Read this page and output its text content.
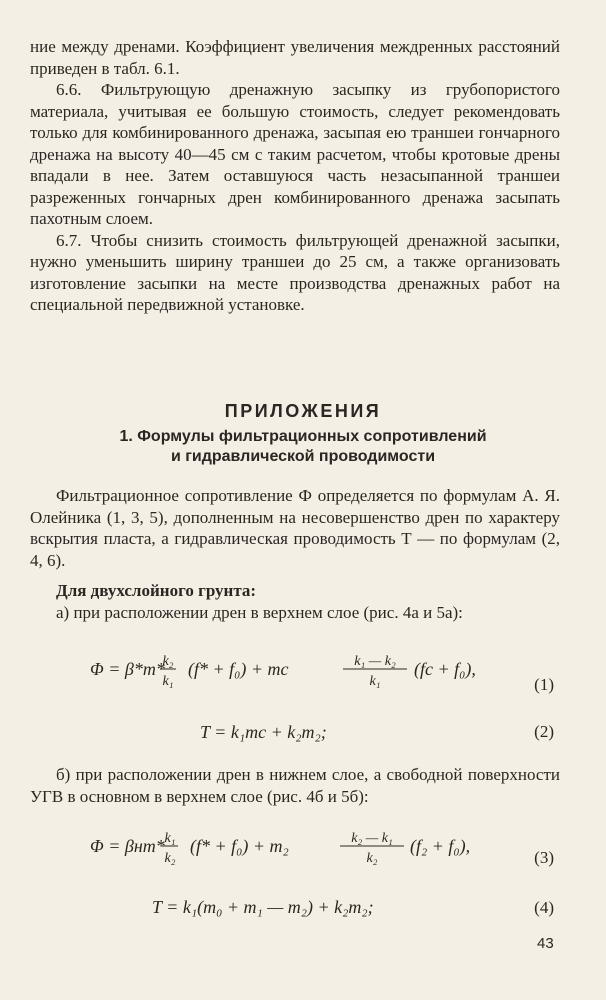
ние между дренами. Коэффициент увеличения междренных расстояний приведен в табл. 6.1.

6.6. Фильтрующую дренажную засыпку из грубопористого материала, учитывая ее большую стоимость, следует рекомендовать только для комбинированного дренажа, засыпая ею траншеи гончарного дренажа на высоту 40—45 см с таким расчетом, чтобы кротовые дрены впадали в нее. Затем оставшуюся часть незасыпанной траншеи разреженных гончарных дрен комбинированного дренажа засыпать пахотным слоем.

6.7. Чтобы снизить стоимость фильтрующей дренажной засыпки, нужно уменьшить ширину траншеи до 25 см, а также организовать изготовление засыпки на месте производства дренажных работ на специальной передвижной установке.

ПРИЛОЖЕНИЯ
1. Формулы фильтрационных сопротивлений
и гидравлической проводимости

Фильтрационное сопротивление Ф определяется по формулам А. Я. Олейника (1, 3, 5), дополненным на несовершенство дрен по характеру вскрытия пласта, а гидравлическая проводимость Т — по формулам (2, 4, 6).

Для двухслойного грунта:

а) при расположении дрен в верхнем слое (рис. 4а и 5а):

Φ = β*m*
k₂
k₁
(f* + f₀) + mс	k₁ — k₂
k₁
(fс + f₀),
(1)
T = k₁mс + k₂m₂;	(2)

б) при расположении дрен в нижнем слое, а свободной поверхности УГВ в основном в верхнем слое (рис. 4б и 5б):

Φ = βнm* k₁
k₂
(f* + f₀) + m₂	k₂ — k₁
k₂
(f₂ + f₀),
(3)
T = k₁(m₀ + m₁ — m₂) + k₂m₂;	(4)
43
